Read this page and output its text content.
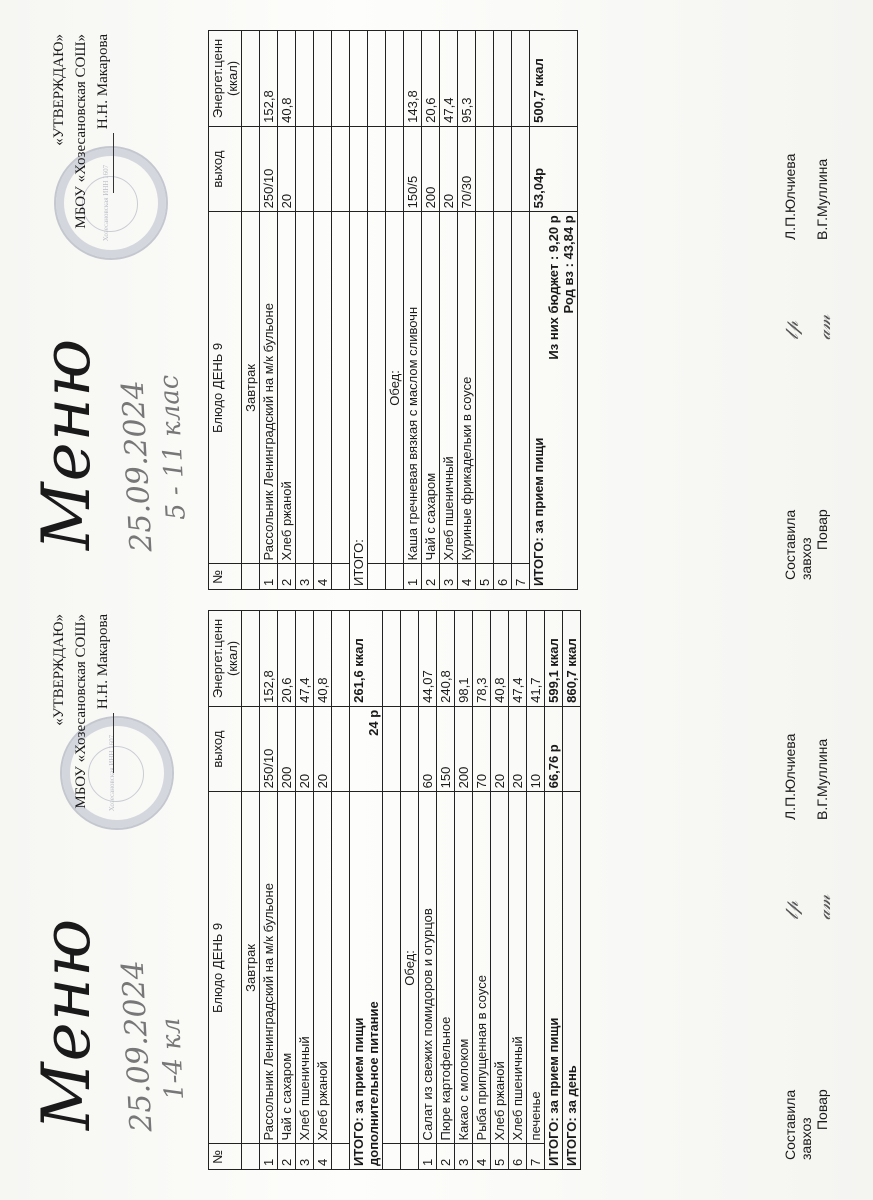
Меню 25.09.2024
1-4 кл
Хозесановская ИНН 1607
«УТВЕРЖДАЮ» МБОУ «Хозесановская СОШ» Н.Н. Макарова
№	Блюдо ДЕНЬ 9	выход	Энергет.ценн (ккал)
	Завтрак		
1	Рассольник Ленинградский на м/к бульоне	250/10	152,8
2	Чай с сахаром	200	20,6
3	Хлеб пшеничный	20	47,4
4	Хлеб ржаной	20	40,8

ИТОГО: за прием пищи дополнительное питание		24 р	261,6 ккал

	Обед:		
1	Салат из свежих помидоров и огурцов	60	44,07
2	Пюре картофельное	150	240,8
3	Какао с молоком	200	98,1
4	Рыба припущенная в соусе	70	78,3
5	Хлеб ржаной	20	40,8
6	Хлеб пшеничный	20	47,4
7	печенье	10	41,7
ИТОГО: за прием пищи		66,76 р	599,1 ккал
ИТОГО: за день			860,7 ккал
Составила завхоз
𝓁𝓅
Л.П.Юлчиева
Повар
𝒶𝓂
В.Г.Муллина
Меню 25.09.2024
5 - 11 клас
Хозесановская ИНН 1607
«УТВЕРЖДАЮ» МБОУ «Хозесановская СОШ» Н.Н. Макарова
№	Блюдо ДЕНЬ 9	выход	Энергет.ценн (ккал)
	Завтрак		
1	Рассольник Ленинградский на м/к бульоне	250/10	152,8
2	Хлеб ржаной	20	40,8
3			
4			

ИТОГО:			

	Обед:		
1	Каша гречневая вязкая с маслом сливочн	150/5	143,8
2	Чай с сахаром	200	20,6
3	Хлеб пшеничный	20	47,4
4	Куриные фрикадельки в соусе	70/30	95,3
5			
6			
7			

ИТОГО: за прием пищи
Из них бюджет : 9,20 р
Род вз : 43,84 р		53,04р	500,7 ккал
Составила завхоз
𝓁𝓅
Л.П.Юлчиева
Повар
𝒶𝓂
В.Г.Муллина
